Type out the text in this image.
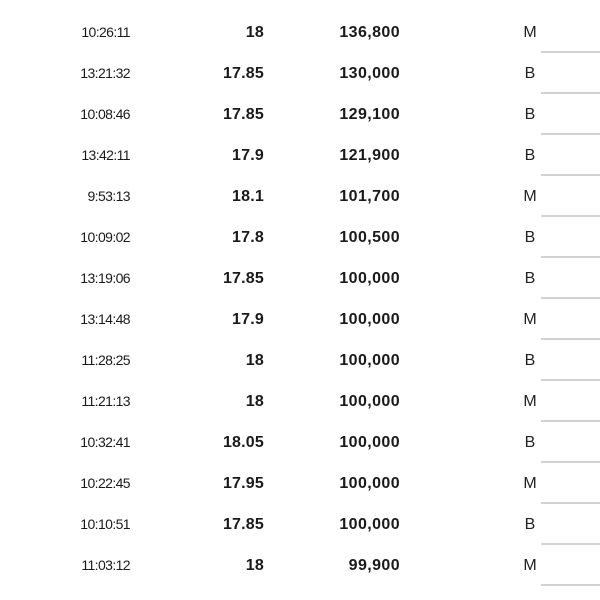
10:26:11	18	136,800	M
13:21:32	17.85	130,000	B
10:08:46	17.85	129,100	B
13:42:11	17.9	121,900	B
9:53:13	18.1	101,700	M
10:09:02	17.8	100,500	B
13:19:06	17.85	100,000	B
13:14:48	17.9	100,000	M
11:28:25	18	100,000	B
11:21:13	18	100,000	M
10:32:41	18.05	100,000	B
10:22:45	17.95	100,000	M
10:10:51	17.85	100,000	B
11:03:12	18	99,900	M
